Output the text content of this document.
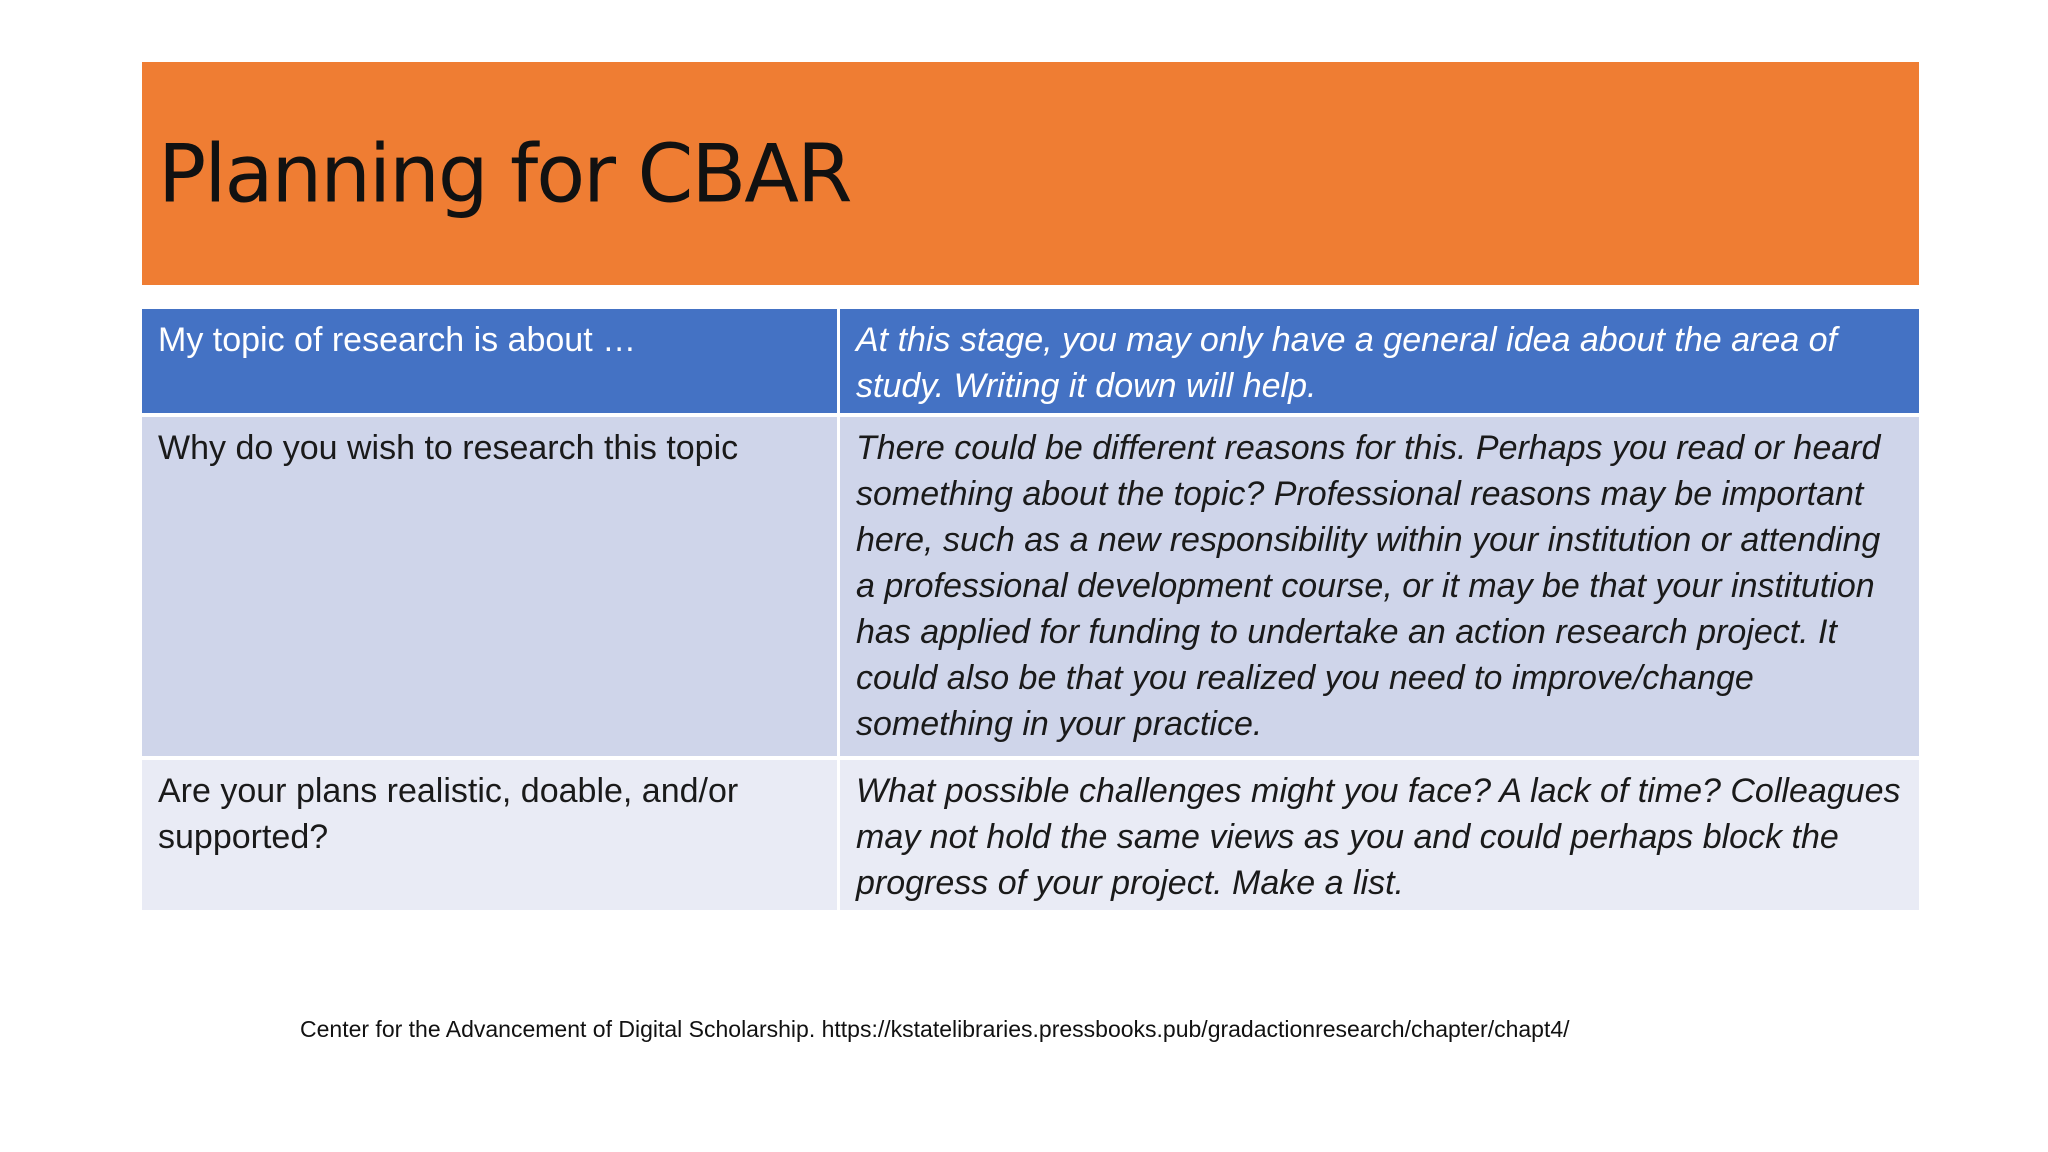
Planning for CBAR
My topic of research is about …	At this stage, you may only have a general idea about the area of study. Writing it down will help.
Why do you wish to research this topic	There could be different reasons for this. Perhaps you read or heard something about the topic? Professional reasons may be important here, such as a new responsibility within your institution or attending a professional development course, or it may be that your institution has applied for funding to undertake an action research project. It could also be that you realized you need to improve/change something in your practice.
Are your plans realistic, doable, and/or supported?
What possible challenges might you face? A lack of time? Colleagues may not hold the same views as you and could perhaps block the progress of your project. Make a list.
Center for the Advancement of Digital Scholarship. https://kstatelibraries.pressbooks.pub/gradactionresearch/chapter/chapt4/
